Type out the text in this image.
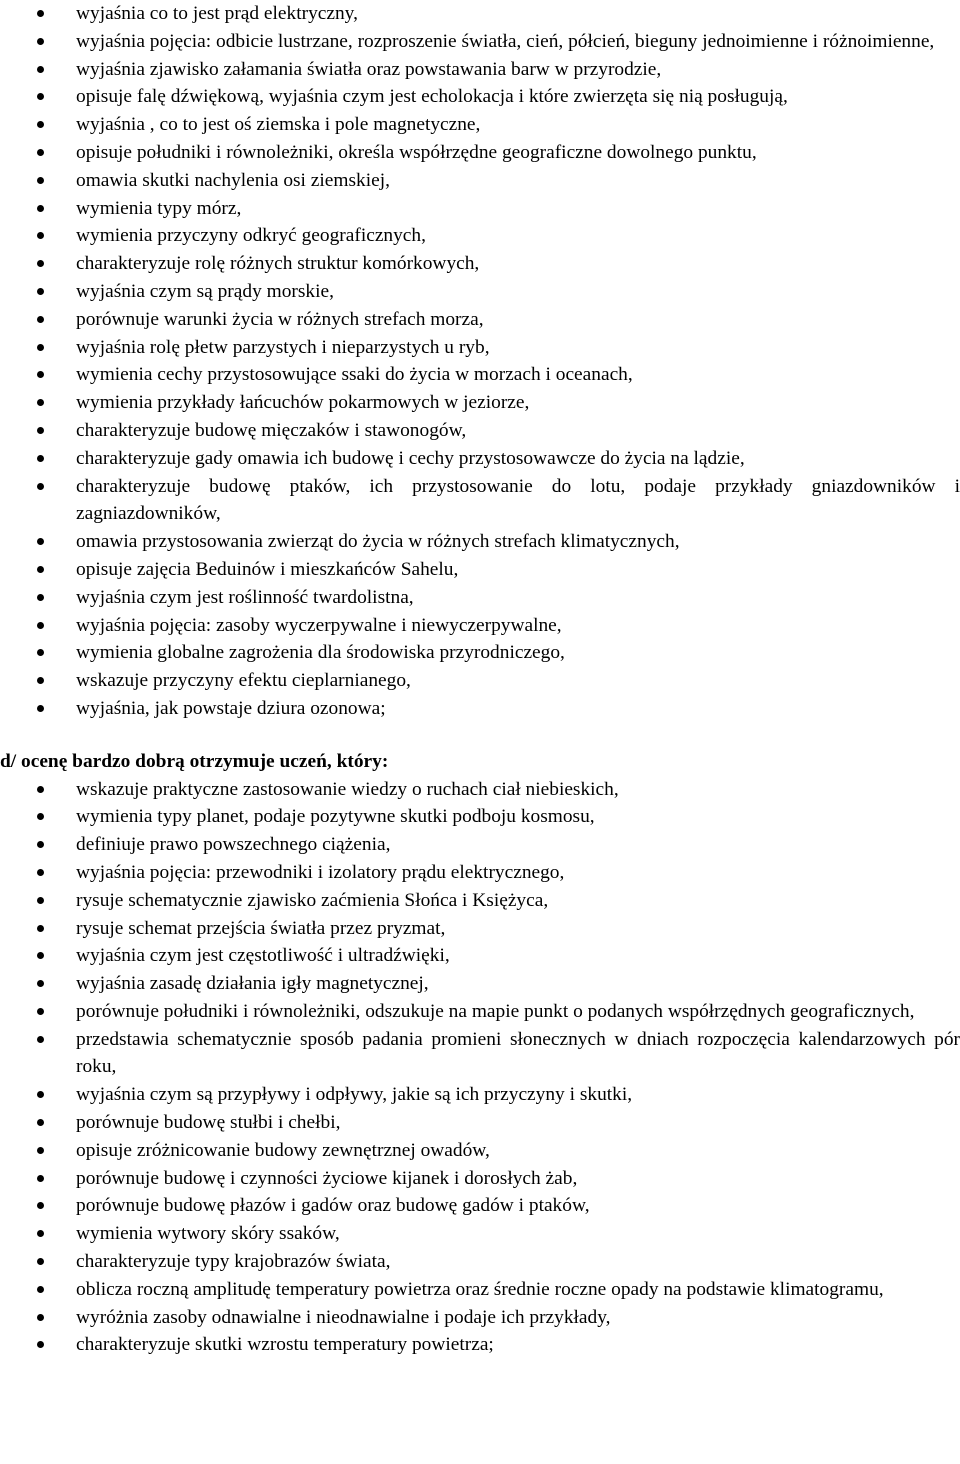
wyjaśnia co to jest prąd elektryczny,
wyjaśnia pojęcia: odbicie lustrzane, rozproszenie światła, cień, półcień, bieguny jednoimienne i różnoimienne,
wyjaśnia zjawisko załamania światła oraz powstawania barw w przyrodzie,
opisuje falę dźwiękową, wyjaśnia czym jest echolokacja i które zwierzęta się nią posługują,
wyjaśnia , co to jest oś ziemska i pole magnetyczne,
opisuje południki i równoleżniki, określa współrzędne geograficzne dowolnego punktu,
omawia skutki nachylenia osi ziemskiej,
wymienia typy mórz,
wymienia przyczyny odkryć geograficznych,
charakteryzuje rolę różnych struktur komórkowych,
wyjaśnia czym są prądy morskie,
porównuje warunki życia w różnych strefach morza,
wyjaśnia rolę płetw parzystych i nieparzystych u ryb,
wymienia cechy przystosowujące ssaki do życia w morzach i oceanach,
wymienia przykłady łańcuchów pokarmowych w jeziorze,
charakteryzuje budowę mięczaków i stawonogów,
charakteryzuje gady omawia ich budowę i cechy przystosowawcze do życia na lądzie,
charakteryzuje budowę ptaków, ich przystosowanie do lotu, podaje przykłady gniazdowników i zagniazdowników,
omawia przystosowania zwierząt do życia w różnych strefach klimatycznych,
opisuje zajęcia Beduinów i mieszkańców Sahelu,
wyjaśnia czym jest roślinność twardolistna,
wyjaśnia pojęcia: zasoby wyczerpywalne i niewyczerpywalne,
wymienia globalne zagrożenia dla środowiska przyrodniczego,
wskazuje przyczyny efektu cieplarnianego,
wyjaśnia, jak powstaje dziura ozonowa;
d/ ocenę bardzo dobrą otrzymuje uczeń, który:
wskazuje praktyczne zastosowanie wiedzy o ruchach ciał niebieskich,
wymienia typy planet, podaje pozytywne skutki podboju kosmosu,
definiuje prawo powszechnego ciążenia,
wyjaśnia pojęcia: przewodniki i izolatory prądu elektrycznego,
rysuje schematycznie zjawisko zaćmienia Słońca i Księżyca,
rysuje schemat przejścia światła przez pryzmat,
wyjaśnia czym jest częstotliwość i ultradźwięki,
wyjaśnia zasadę działania igły magnetycznej,
porównuje południki i równoleżniki, odszukuje na mapie punkt o podanych współrzędnych geograficznych,
przedstawia schematycznie sposób padania promieni słonecznych w dniach rozpoczęcia kalendarzowych pór roku,
wyjaśnia czym są przypływy i odpływy, jakie są ich przyczyny i skutki,
porównuje budowę stułbi i chełbi,
opisuje zróżnicowanie budowy zewnętrznej owadów,
porównuje budowę i czynności życiowe kijanek i dorosłych żab,
porównuje budowę płazów i gadów oraz budowę gadów i ptaków,
wymienia wytwory skóry ssaków,
charakteryzuje typy krajobrazów świata,
oblicza roczną amplitudę temperatury powietrza oraz średnie roczne opady na podstawie klimatogramu,
wyróżnia zasoby odnawialne i nieodnawialne i podaje ich przykłady,
charakteryzuje skutki wzrostu temperatury powietrza;
